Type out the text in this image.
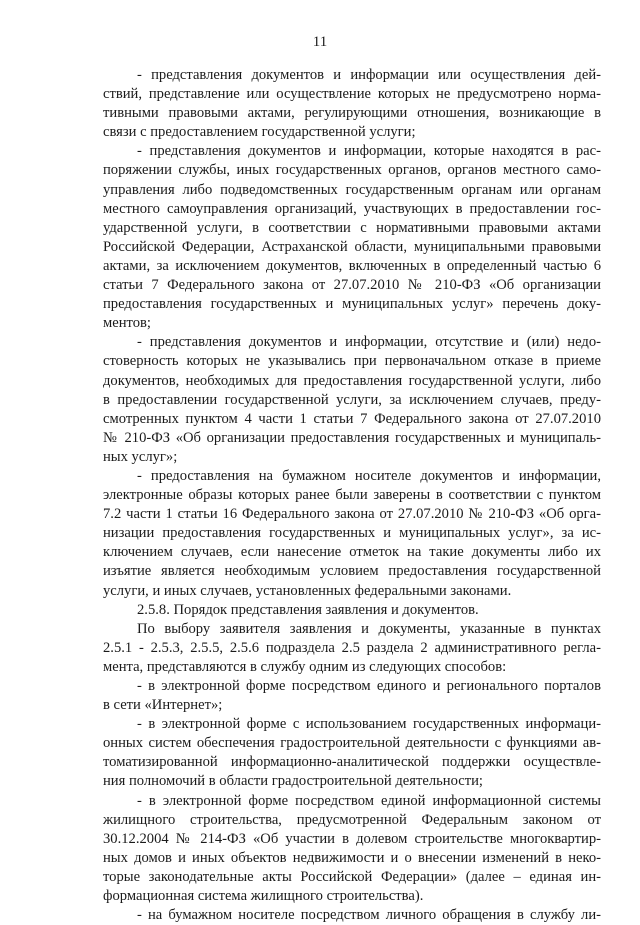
11
- представления документов и информации или осуществления дей-
ствий, представление или осуществление которых не предусмотрено норма-
тивными правовыми актами, регулирующими отношения, возникающие в
связи с предоставлением государственной услуги;
- представления документов и информации, которые находятся в рас-
поряжении службы, иных государственных органов, органов местного само-
управления либо подведомственных государственным органам или органам
местного самоуправления организаций, участвующих в предоставлении гос-
ударственной услуги, в соответствии с нормативными правовыми актами
Российской Федерации, Астраханской области, муниципальными правовыми
актами, за исключением документов, включенных в определенный частью 6
статьи 7 Федерального закона от 27.07.2010 № 210-ФЗ «Об организации
предоставления государственных и муниципальных услуг» перечень доку-
ментов;
- представления документов и информации, отсутствие и (или) недо-
стоверность которых не указывались при первоначальном отказе в приеме
документов, необходимых для предоставления государственной услуги, либо
в предоставлении государственной услуги, за исключением случаев, преду-
смотренных пунктом 4 части 1 статьи 7 Федерального закона от 27.07.2010
№ 210-ФЗ «Об организации предоставления государственных и муниципаль-
ных услуг»;
- предоставления на бумажном носителе документов и информации,
электронные образы которых ранее были заверены в соответствии с пунктом
7.2 части 1 статьи 16 Федерального закона от 27.07.2010 № 210-ФЗ «Об орга-
низации предоставления государственных и муниципальных услуг», за ис-
ключением случаев, если нанесение отметок на такие документы либо их
изъятие является необходимым условием предоставления государственной
услуги, и иных случаев, установленных федеральными законами.
2.5.8. Порядок представления заявления и документов.
По выбору заявителя заявления и документы, указанные в пунктах
2.5.1 - 2.5.3, 2.5.5, 2.5.6 подраздела 2.5 раздела 2 административного регла-
мента, представляются в службу одним из следующих способов:
- в электронной форме посредством единого и регионального порталов
в сети «Интернет»;
- в электронной форме с использованием государственных информаци-
онных систем обеспечения градостроительной деятельности с функциями ав-
томатизированной информационно-аналитической поддержки осуществле-
ния полномочий в области градостроительной деятельности;
- в электронной форме посредством единой информационной системы
жилищного строительства, предусмотренной Федеральным законом от
30.12.2004 № 214-ФЗ «Об участии в долевом строительстве многоквартир-
ных домов и иных объектов недвижимости и о внесении изменений в неко-
торые законодательные акты Российской Федерации» (далее – единая ин-
формационная система жилищного строительства).
- на бумажном носителе посредством личного обращения в службу ли-
